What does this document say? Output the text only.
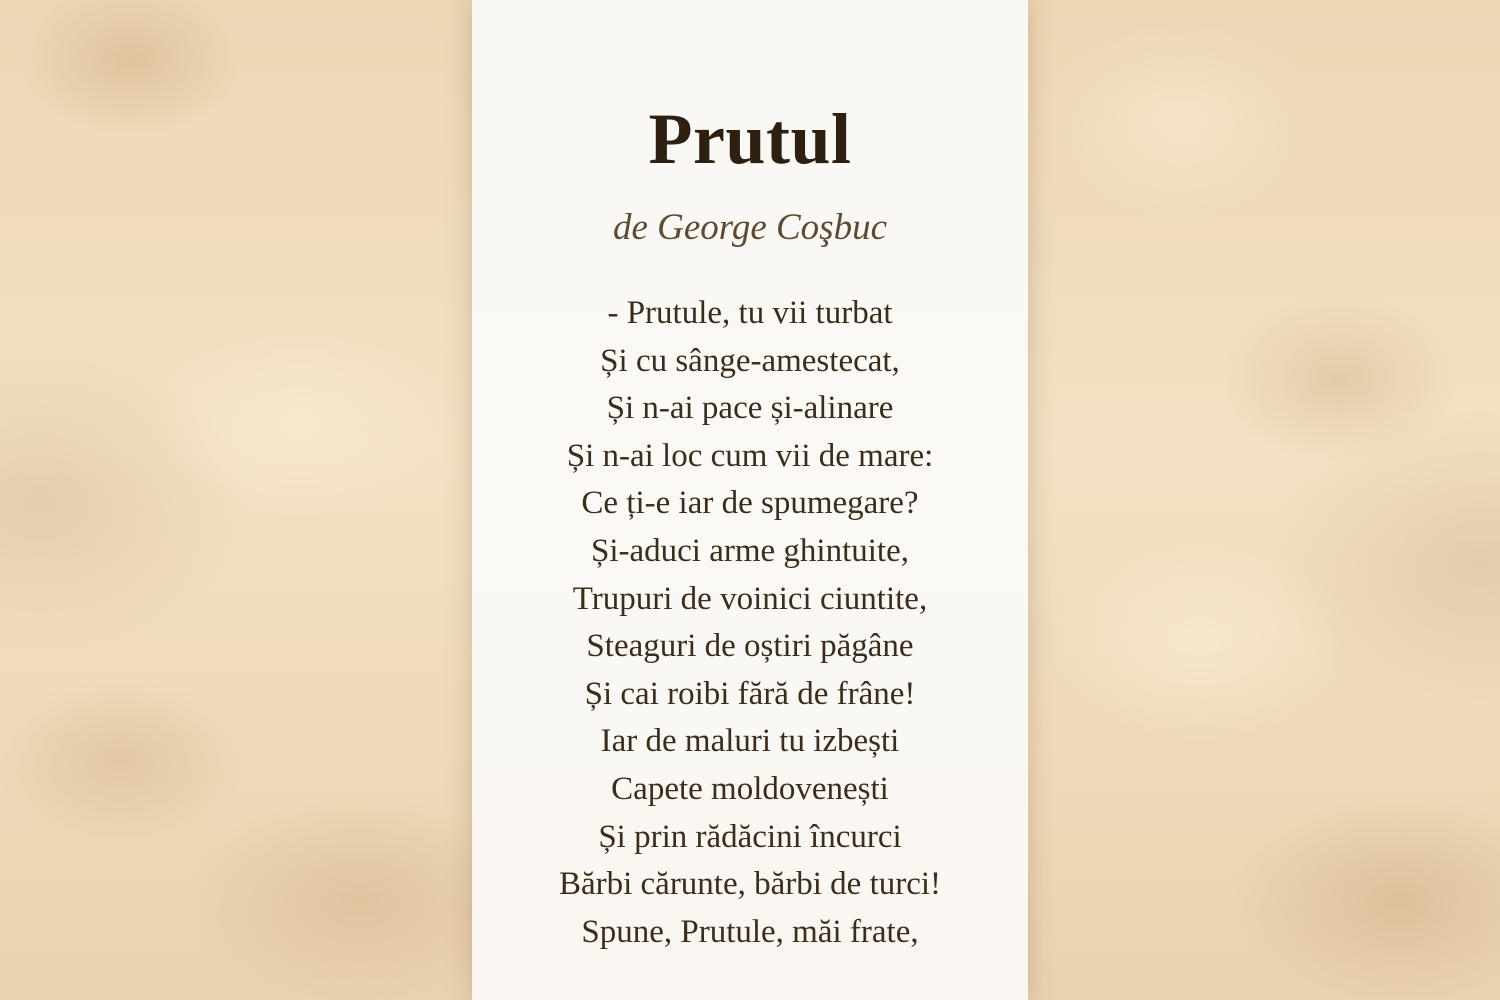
Prutul

de George Coşbuc

- Prutule, tu vii turbat
Și cu sânge-amestecat,
Și n-ai pace și-alinare
Și n-ai loc cum vii de mare:
Ce ți-e iar de spumegare?
Și-aduci arme ghintuite,
Trupuri de voinici ciuntite,
Steaguri de oștiri păgâne
Și cai roibi fără de frâne!
Iar de maluri tu izbești
Capete moldovenești
Și prin rădăcini încurci
Bărbi cărunte, bărbi de turci!
Spune, Prutule, măi frate,
